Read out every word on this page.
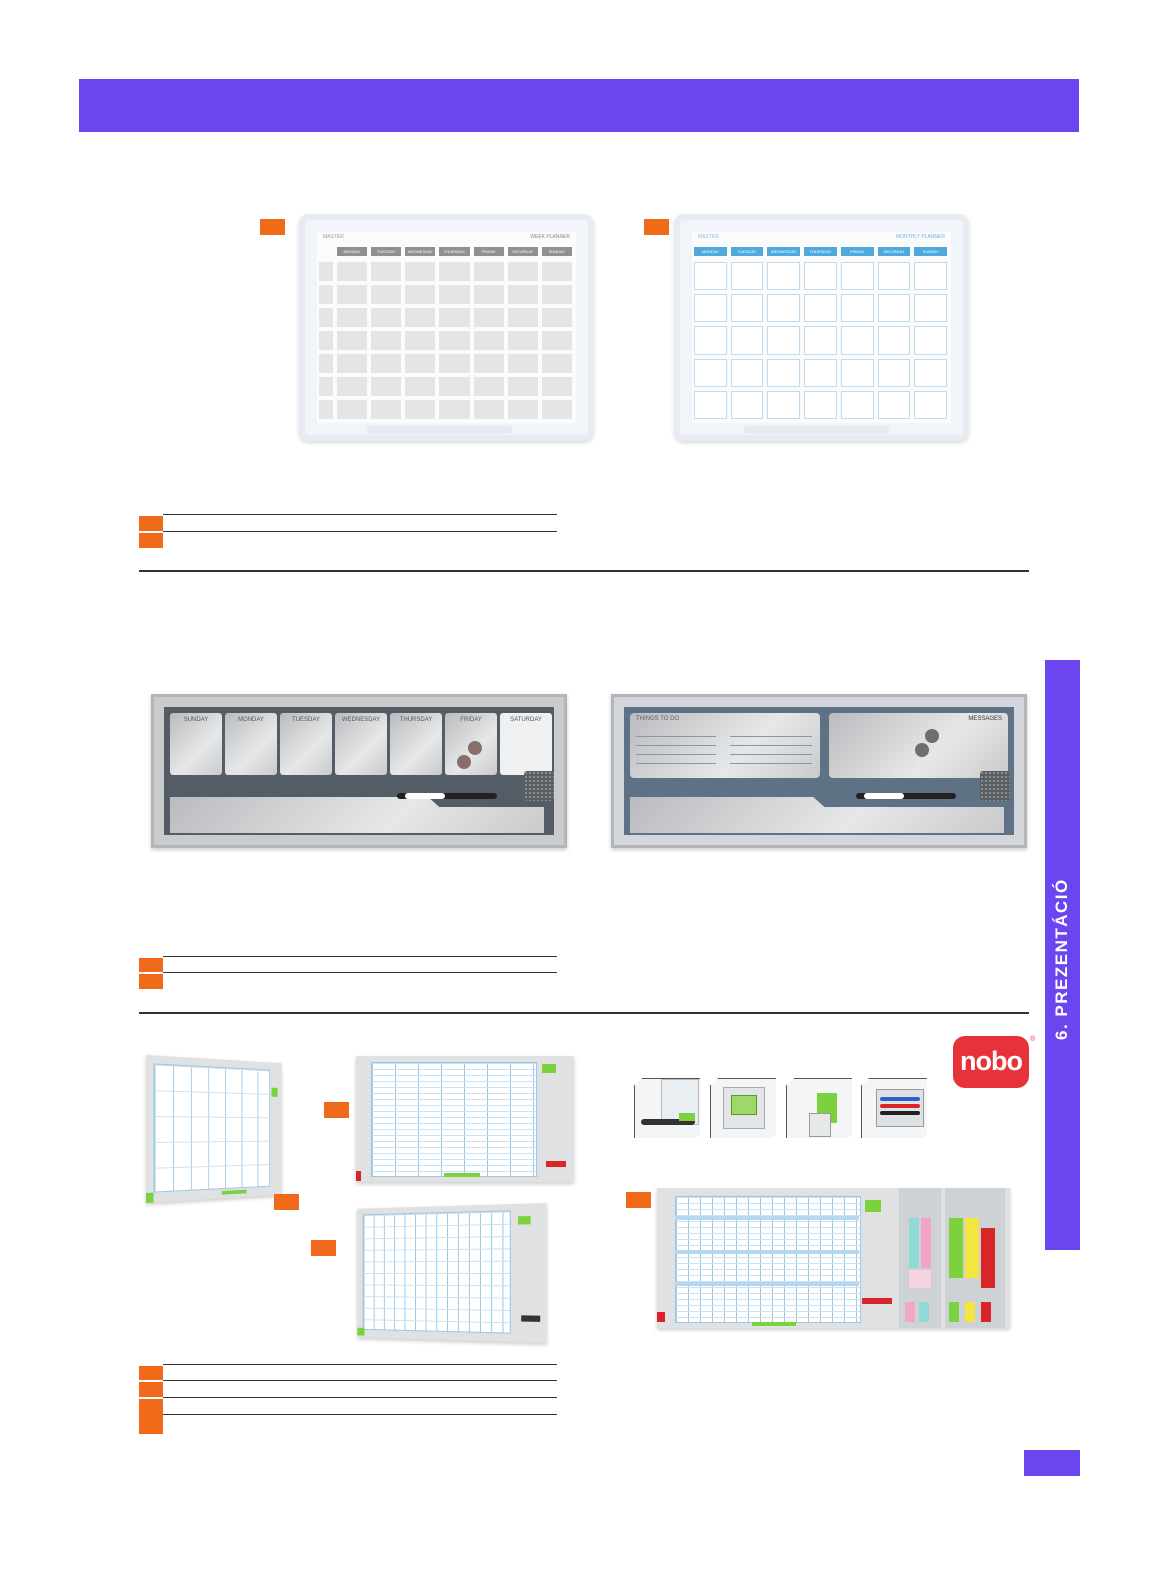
6. PREZENTÁCIÓ
MASTER	WEEK PLANNER
MONDAY	TUESDAY	WEDNESDAY	THURSDAY	FRIDAY	SATURDAY	SUNDAY
MASTER	MONTHLY PLANNER
MONDAY	TUESDAY	WEDNESDAY	THURSDAY	FRIDAY	SATURDAY	SUNDAY
SUNDAY	MONDAY	TUESDAY	WEDNESDAY	THURSDAY	FRIDAY	SATURDAY	THINGS TO DO	MESSAGES
nobo
®
